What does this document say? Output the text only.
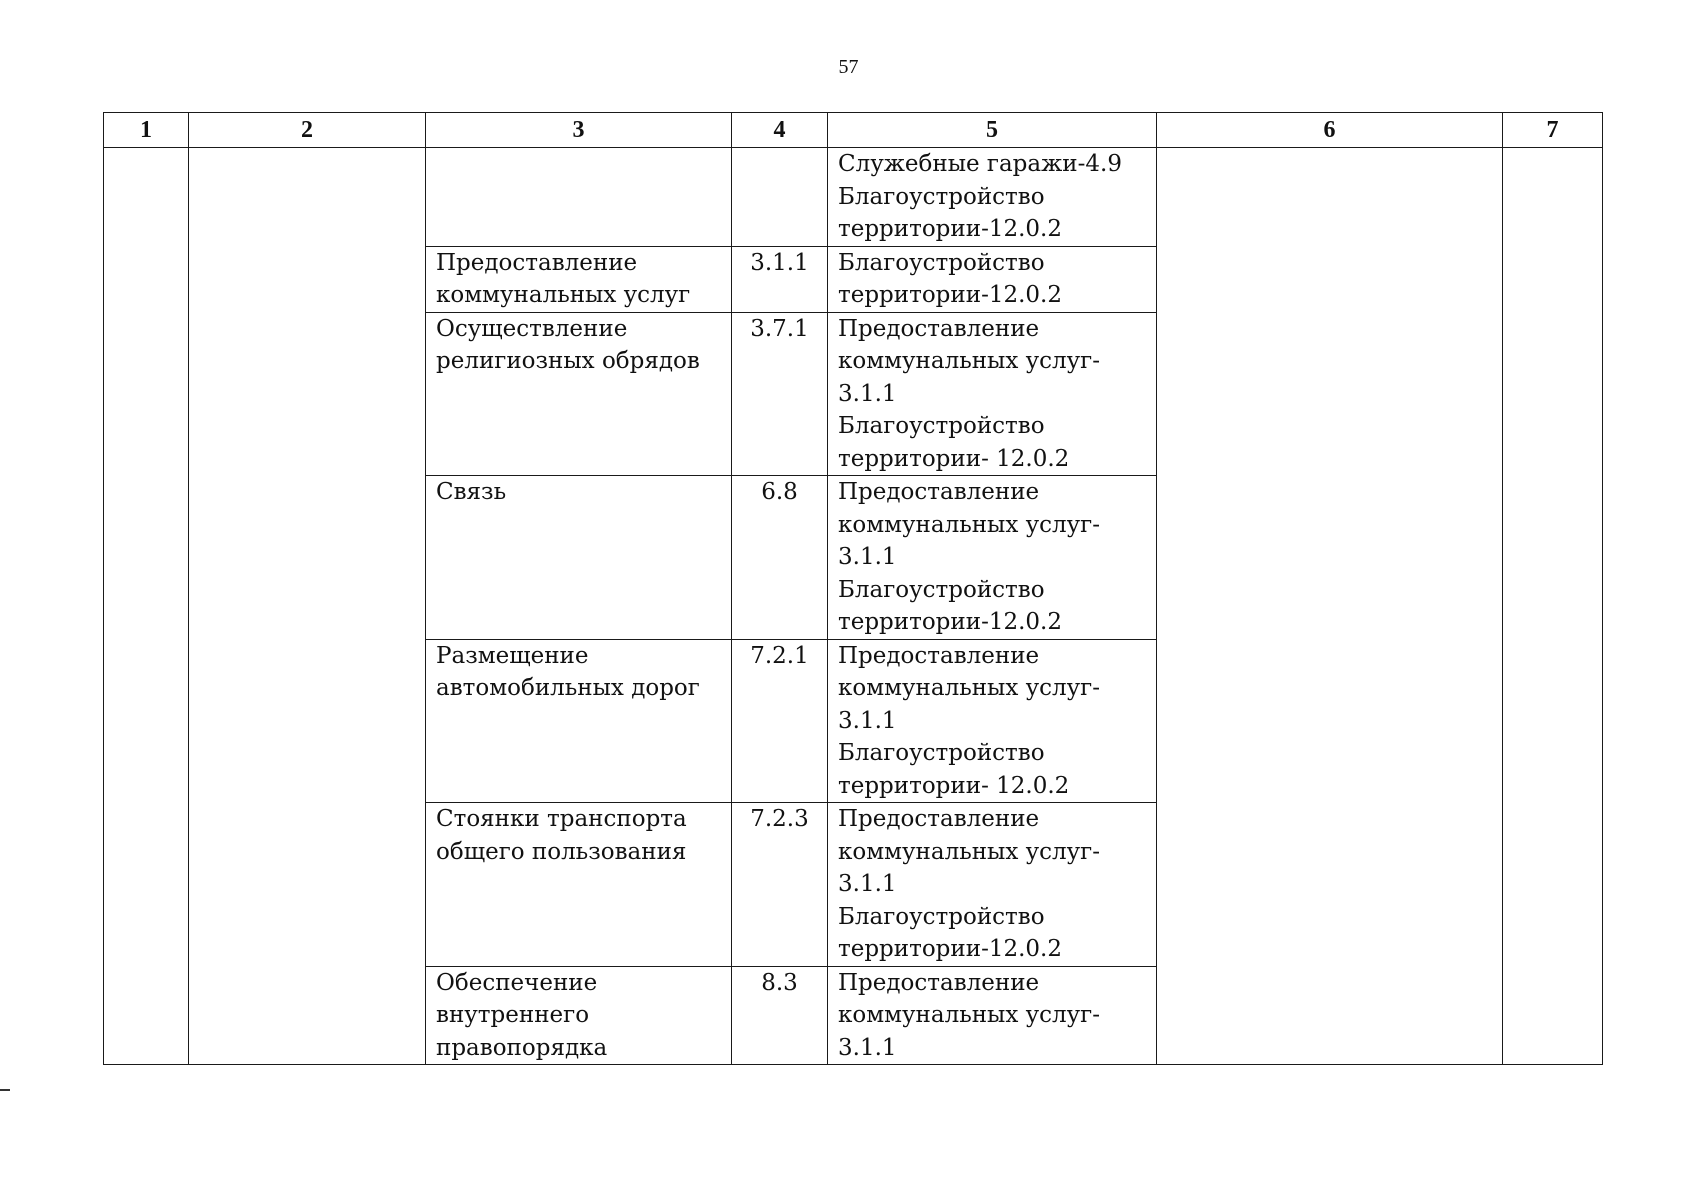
57
1	2	3	4	5	6	7
				Служебные гаражи-4.9
Благоустройство
территории-12.0.2		
		Предоставление
коммунальных услуг	3.1.1	Благоустройство
территории-12.0.2		
		Осуществление
религиозных обрядов	3.7.1	Предоставление
коммунальных услуг-
3.1.1
Благоустройство
территории- 12.0.2		
		Связь	6.8	Предоставление
коммунальных услуг-
3.1.1
Благоустройство
территории-12.0.2		
		Размещение
автомобильных дорог	7.2.1	Предоставление
коммунальных услуг-
3.1.1
Благоустройство
территории- 12.0.2		
		Стоянки транспорта
общего пользования	7.2.3	Предоставление
коммунальных услуг-
3.1.1
Благоустройство
территории-12.0.2		
		Обеспечение
внутреннего
правопорядка	8.3	Предоставление
коммунальных услуг-
3.1.1		
